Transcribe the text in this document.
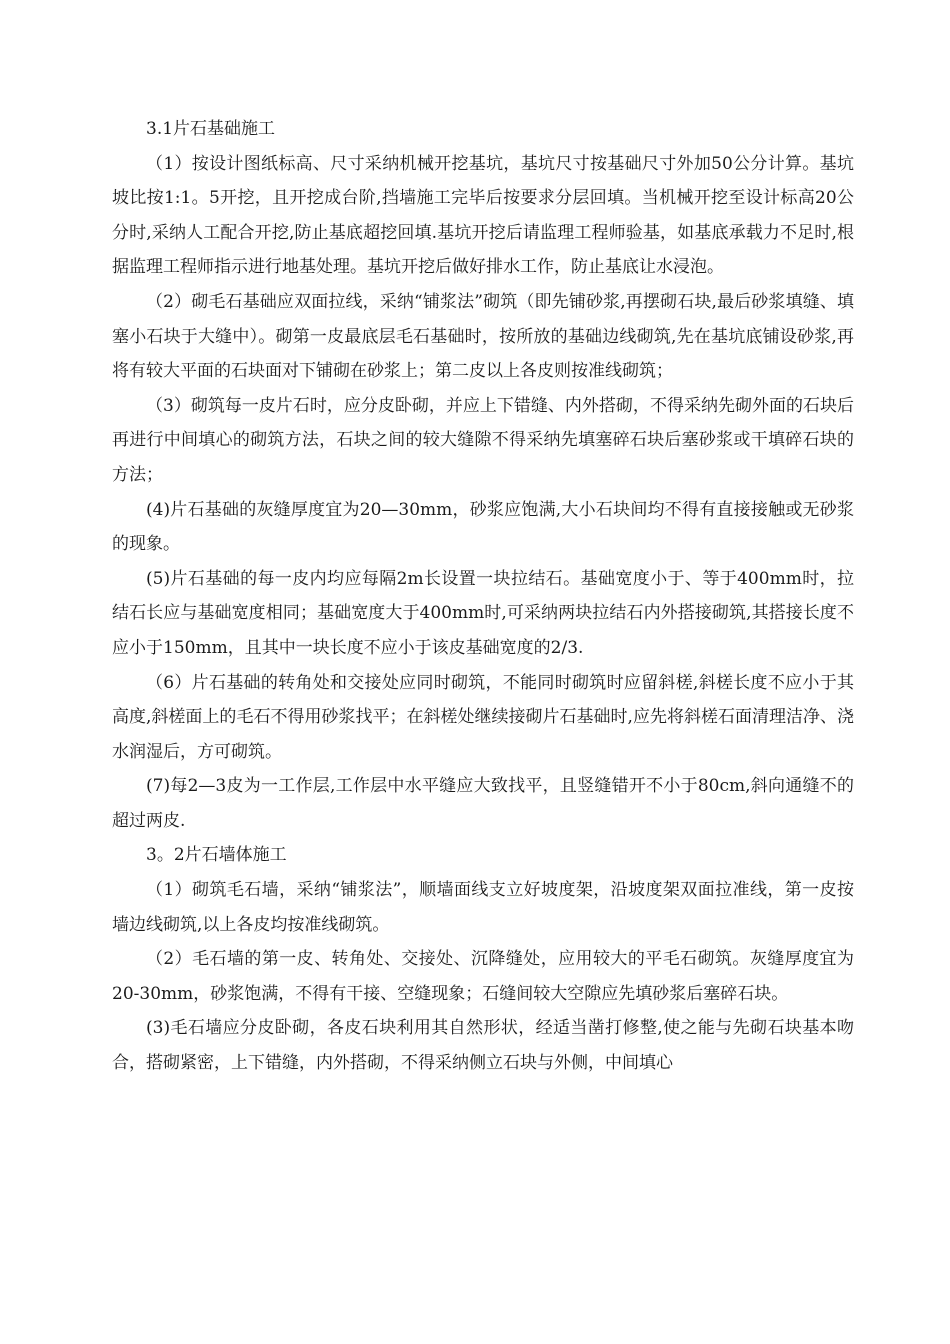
3.1片石基础施工

（1）按设计图纸标高、尺寸采纳机械开挖基坑，基坑尺寸按基础尺寸外加50公分计算。基坑坡比按1:1。5开挖，且开挖成台阶,挡墙施工完毕后按要求分层回填。当机械开挖至设计标高20公分时,采纳人工配合开挖,防止基底超挖回填.基坑开挖后请监理工程师验基，如基底承载力不足时,根据监理工程师指示进行地基处理。基坑开挖后做好排水工作，防止基底让水浸泡。

（2）砌毛石基础应双面拉线，采纳“铺浆法”砌筑（即先铺砂浆,再摆砌石块,最后砂浆填缝、填塞小石块于大缝中）。砌第一皮最底层毛石基础时，按所放的基础边线砌筑,先在基坑底铺设砂浆,再将有较大平面的石块面对下铺砌在砂浆上；第二皮以上各皮则按准线砌筑；

（3）砌筑每一皮片石时，应分皮卧砌，并应上下错缝、内外搭砌，不得采纳先砌外面的石块后再进行中间填心的砌筑方法，石块之间的较大缝隙不得采纳先填塞碎石块后塞砂浆或干填碎石块的方法；

(4)片石基础的灰缝厚度宜为20—30mm，砂浆应饱满,大小石块间均不得有直接接触或无砂浆的现象。

(5)片石基础的每一皮内均应每隔2m长设置一块拉结石。基础宽度小于、等于400mm时，拉结石长应与基础宽度相同；基础宽度大于400mm时,可采纳两块拉结石内外搭接砌筑,其搭接长度不应小于150mm，且其中一块长度不应小于该皮基础宽度的2/3.

（6）片石基础的转角处和交接处应同时砌筑，不能同时砌筑时应留斜槎,斜槎长度不应小于其高度,斜槎面上的毛石不得用砂浆找平；在斜槎处继续接砌片石基础时,应先将斜槎石面清理洁净、浇水润湿后，方可砌筑。

(7)每2—3皮为一工作层,工作层中水平缝应大致找平，且竖缝错开不小于80cm,斜向通缝不的超过两皮.

3。2片石墙体施工

（1）砌筑毛石墙，采纳“铺浆法”，顺墙面线支立好坡度架，沿坡度架双面拉准线，第一皮按墙边线砌筑,以上各皮均按准线砌筑。

（2）毛石墙的第一皮、转角处、交接处、沉降缝处，应用较大的平毛石砌筑。灰缝厚度宜为20-30mm，砂浆饱满，不得有干接、空缝现象；石缝间较大空隙应先填砂浆后塞碎石块。

(3)毛石墙应分皮卧砌，各皮石块利用其自然形状，经适当凿打修整,使之能与先砌石块基本吻合，搭砌紧密，上下错缝，内外搭砌，不得采纳侧立石块与外侧，中间填心
